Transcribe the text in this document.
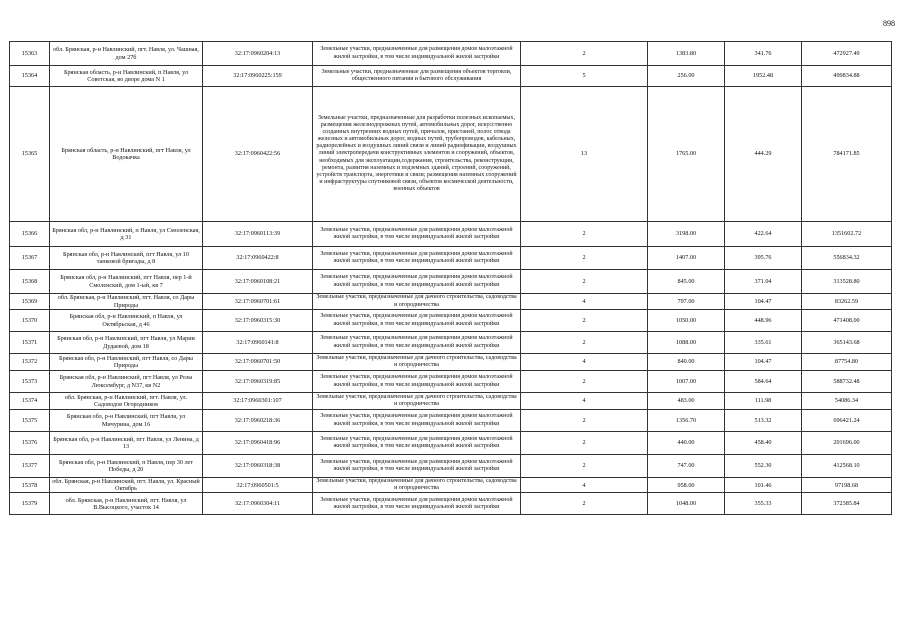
898
15363	обл. Брянская, р-н Навлинский, пгт. Навля, ул. Чашная, дом 27б	32:17:0960204:13	Земельные участки, предназначенные для размещения домов малоэтажной жилой застройки, в том числе индивидуальной жилой застройки	2	1383.80	341.76	472927.49
15364	Брянская область, р-н Навлинский, п Навля, ул Советская, во дворе дома N 1	32:17:0960225:159	Земельные участки, предназначенные для размещения объектов торговли, общественного питания и бытового обслуживания	5	256.00	1952.48	499834.88
15365	Брянская область, р-н Навлинский, пгт Навля, ул Водокачка	32:17:0960422:56	Земельные участки, предназначенные для разработки полезных ископаемых, размещения железнодорожных путей, автомобильных дорог, искусственно созданных внутренних водных путей, причалов, пристаней, полос отвода железных и автомобильных дорог, водных путей, трубопроводов, кабельных, радиорелейных и воздушных линий связи и линий радиофикации, воздушных линий электропередачи конструктивных элементов и сооружений, объектов, необходимых для эксплуатации,содержания, строительства, реконструкции, ремонта, развития наземных и подземных зданий, строений, сооружений, устройств транспорта, энергетики и связи; размещения наземных сооружений и инфраструктуры спутниковой связи, объектов космической деятельности, военных объектов	13	1765.00	444.29	784171.85
15366	Брянская обл, р-н Навлинский, п Навля, ул Смоленская, д 31	32:17:0960113:39	Земельные участки, предназначенные для размещения домов малоэтажной жилой застройки, в том числе индивидуальной жилой застройки	2	3198.00	422.64	1351602.72
15367	Брянская обл, р-н Навлинский, пгт Навля, ул 10 танковой бригады, д 8	32:17:0960422:8	Земельные участки, предназначенные для размещения домов малоэтажной жилой застройки, в том числе индивидуальной жилой застройки	2	1407.00	395.76	556834.32
15368	Брянская обл, р-н Навлинский, пгт Навля, пер 1-й Смоленский, дом 1-ый, кв 7	32:17:0960108:21	Земельные участки, предназначенные для размещения домов малоэтажной жилой застройки, в том числе индивидуальной жилой застройки	2	845.00	371.04	313528.80
15369	обл. Брянская, р-н Навлинский, пгт. Навля, со Дары Природы	32:17:0960701:61	Земельные участки, предназначенные для дачного строительства, садоводства и огородничества	4	797.00	104.47	83262.59
15370	Брянская обл, р-н Навлинский, п Навля, ул Октябрьская, д 46	32:17:0960315:30	Земельные участки, предназначенные для размещения домов малоэтажной жилой застройки, в том числе индивидуальной жилой застройки	2	1050.00	448.96	471408.00
15371	Брянская обл, р-н Навлинский, пгт Навля, ул Марии Дудаевой, дом 18	32:17:0960141:8	Земельные участки, предназначенные для размещения домов малоэтажной жилой застройки, в том числе индивидуальной жилой застройки	2	1088.00	335.61	365143.68
15372	Брянская обл, р-н Навлинский, пгт Навля, со Дары Природы	32:17:0960701:50	Земельные участки, предназначенные для дачного строительства, садоводства и огородничества	4	840.00	104.47	87754.80
15373	Брянская обл, р-н Навлинский, пгт Навля, ул Розы Люксембург, д N37, кв N2	32:17:0960319:85	Земельные участки, предназначенные для размещения домов малоэтажной жилой застройки, в том числе индивидуальной жилой застройки	2	1007.00	584.64	588732.48
15374	обл. Брянская, р-н Навлинский, пгт. Навля, ул. Садоводов Огородников	32:17:0960301:107	Земельные участки, предназначенные для дачного строительства, садоводства и огородничества	4	483.00	111.98	54086.34
15375	Брянская обл, р-н Навлинский, пгт Навля, ул Мичурина, дом 16	32:17:0960218:36	Земельные участки, предназначенные для размещения домов малоэтажной жилой застройки, в том числе индивидуальной жилой застройки	2	1356.70	513.32	696421.24
15376	Брянская обл, р-н Навлинский, пгт Навля, ул Ленина, д 13	32:17:0960418:96	Земельные участки, предназначенные для размещения домов малоэтажной жилой застройки, в том числе индивидуальной жилой застройки	2	440.00	458.40	201696.00
15377	Брянская обл, р-н Навлинский, п Навля, пер 30 лет Победы, д 20	32:17:0960318:38	Земельные участки, предназначенные для размещения домов малоэтажной жилой застройки, в том числе индивидуальной жилой застройки	2	747.00	552.30	412568.10
15378	обл. Брянская, р-н Навлинский, пгт. Навля, ул. Красный Октябрь	32:17:0960501:5	Земельные участки, предназначенные для дачного строительства, садоводства и огородничества	4	958.00	101.46	97198.68
15379	обл. Брянская, р-н Навлинский, пгт. Навля, ул В.Высоцкого, участок 14	32:17:0960304:11	Земельные участки, предназначенные для размещения домов малоэтажной жилой застройки, в том числе индивидуальной жилой застройки	2	1048.00	355.33	372385.84
